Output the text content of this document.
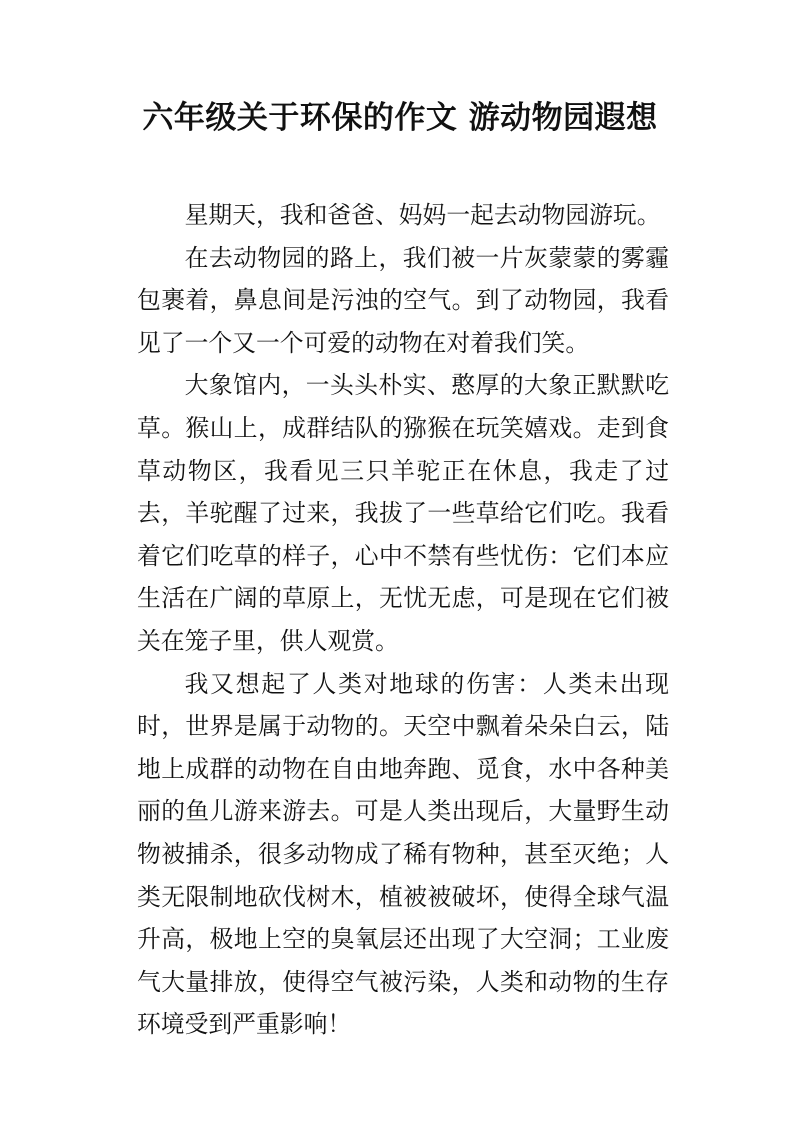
六年级关于环保的作文 游动物园遐想

星期天，我和爸爸、妈妈一起去动物园游玩。

在去动物园的路上，我们被一片灰蒙蒙的雾霾包裹着，鼻息间是污浊的空气。到了动物园，我看见了一个又一个可爱的动物在对着我们笑。

大象馆内，一头头朴实、憨厚的大象正默默吃草。猴山上，成群结队的猕猴在玩笑嬉戏。走到食草动物区，我看见三只羊驼正在休息，我走了过去，羊驼醒了过来，我拔了一些草给它们吃。我看着它们吃草的样子，心中不禁有些忧伤：它们本应生活在广阔的草原上，无忧无虑，可是现在它们被关在笼子里，供人观赏。

我又想起了人类对地球的伤害：人类未出现时，世界是属于动物的。天空中飘着朵朵白云，陆地上成群的动物在自由地奔跑、觅食，水中各种美丽的鱼儿游来游去。可是人类出现后，大量野生动物被捕杀，很多动物成了稀有物种，甚至灭绝；人类无限制地砍伐树木，植被被破坏，使得全球气温升高，极地上空的臭氧层还出现了大空洞；工业废气大量排放，使得空气被污染，人类和动物的生存环境受到严重影响！
